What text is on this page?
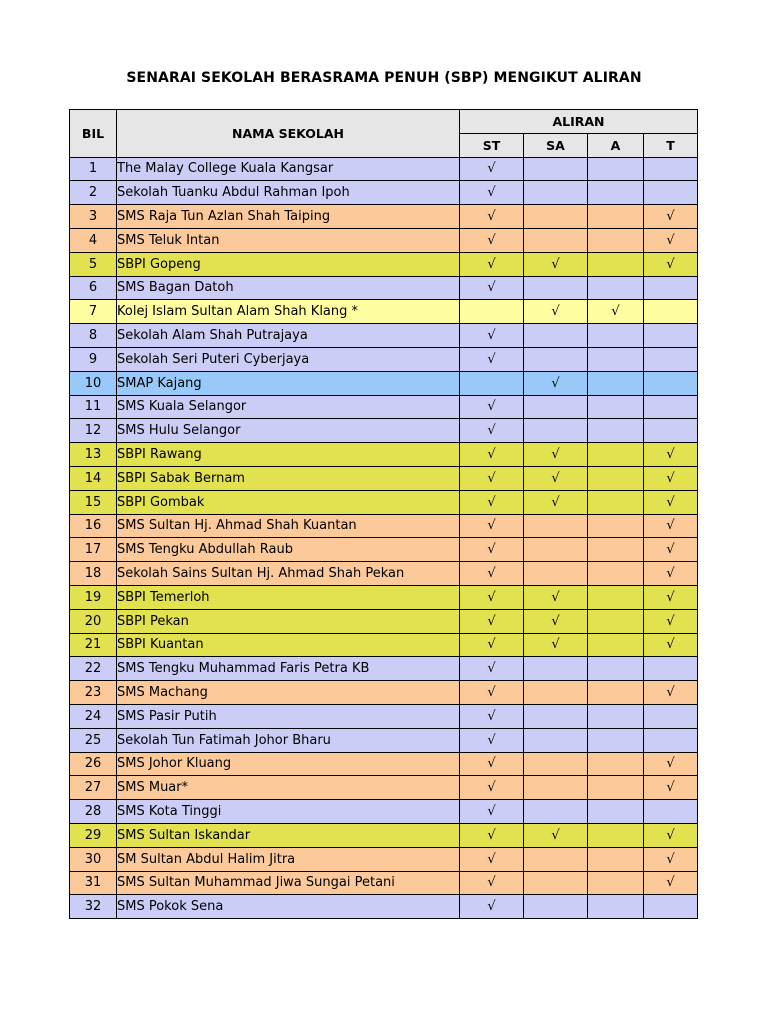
SENARAI SEKOLAH BERASRAMA PENUH (SBP) MENGIKUT ALIRAN
BIL	NAMA SEKOLAH	ALIRAN			
		ST	SA	A	T
1	The Malay College Kuala Kangsar	√			
2	Sekolah Tuanku Abdul Rahman Ipoh	√			
3	SMS Raja Tun Azlan Shah Taiping	√			√
4	SMS Teluk Intan	√			√
5	SBPI Gopeng	√	√		√
6	SMS Bagan Datoh	√			
7	Kolej Islam Sultan Alam Shah Klang *		√	√	
8	Sekolah Alam Shah Putrajaya	√			
9	Sekolah Seri Puteri Cyberjaya	√			
10	SMAP Kajang		√		
11	SMS Kuala Selangor	√			
12	SMS Hulu Selangor	√			
13	SBPI Rawang	√	√		√
14	SBPI Sabak Bernam	√	√		√
15	SBPI Gombak	√	√		√
16	SMS Sultan Hj. Ahmad Shah Kuantan	√			√
17	SMS Tengku Abdullah Raub	√			√
18	Sekolah Sains Sultan Hj. Ahmad Shah Pekan	√			√
19	SBPI Temerloh	√	√		√
20	SBPI Pekan	√	√		√
21	SBPI Kuantan	√	√		√
22	SMS Tengku Muhammad Faris Petra KB	√			
23	SMS Machang	√			√
24	SMS Pasir Putih	√			
25	Sekolah Tun Fatimah Johor Bharu	√			
26	SMS Johor Kluang	√			√
27	SMS Muar*	√			√
28	SMS Kota Tinggi	√			
29	SMS Sultan Iskandar	√	√		√
30	SM Sultan Abdul Halim Jitra	√			√
31	SMS Sultan Muhammad Jiwa Sungai Petani	√			√
32	SMS Pokok Sena	√			
